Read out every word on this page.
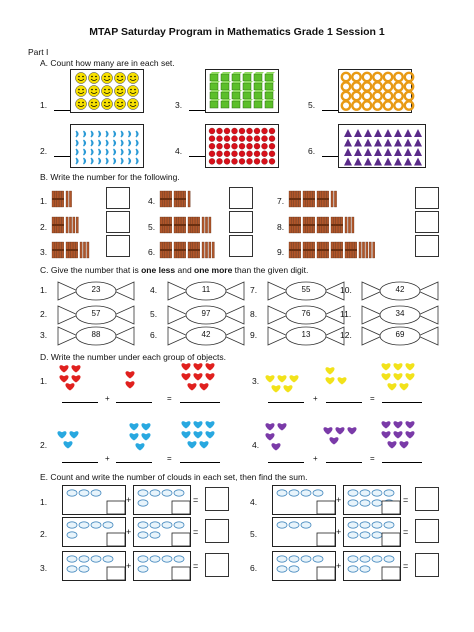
MTAP Saturday Program in Mathematics Grade 1 Session 1
Part I
A. Count how many are in each set.
1.	3.	5.
2.	4.	6.
B. Write the number for the following.
1.	4.	7.
2.	5.	8.
3.	6.	9.
C. Give the number that is one less and one more than the given digit.
1.	23	4.	11	7.	55	10.	42
2.	57	5.	97	8.	76	11.	34
3.	88	6.	42	9.	13	12.	69
D. Write the number under each group of objects.
1.	3.
2.	4.
+	=	+	=
+	=	+	=
E. Count and write the number of clouds in each set, then find the sum.
1.	+	=	4.	+	=
2.	+	=	5.	+	=
3.	+	=	6.	+	=
